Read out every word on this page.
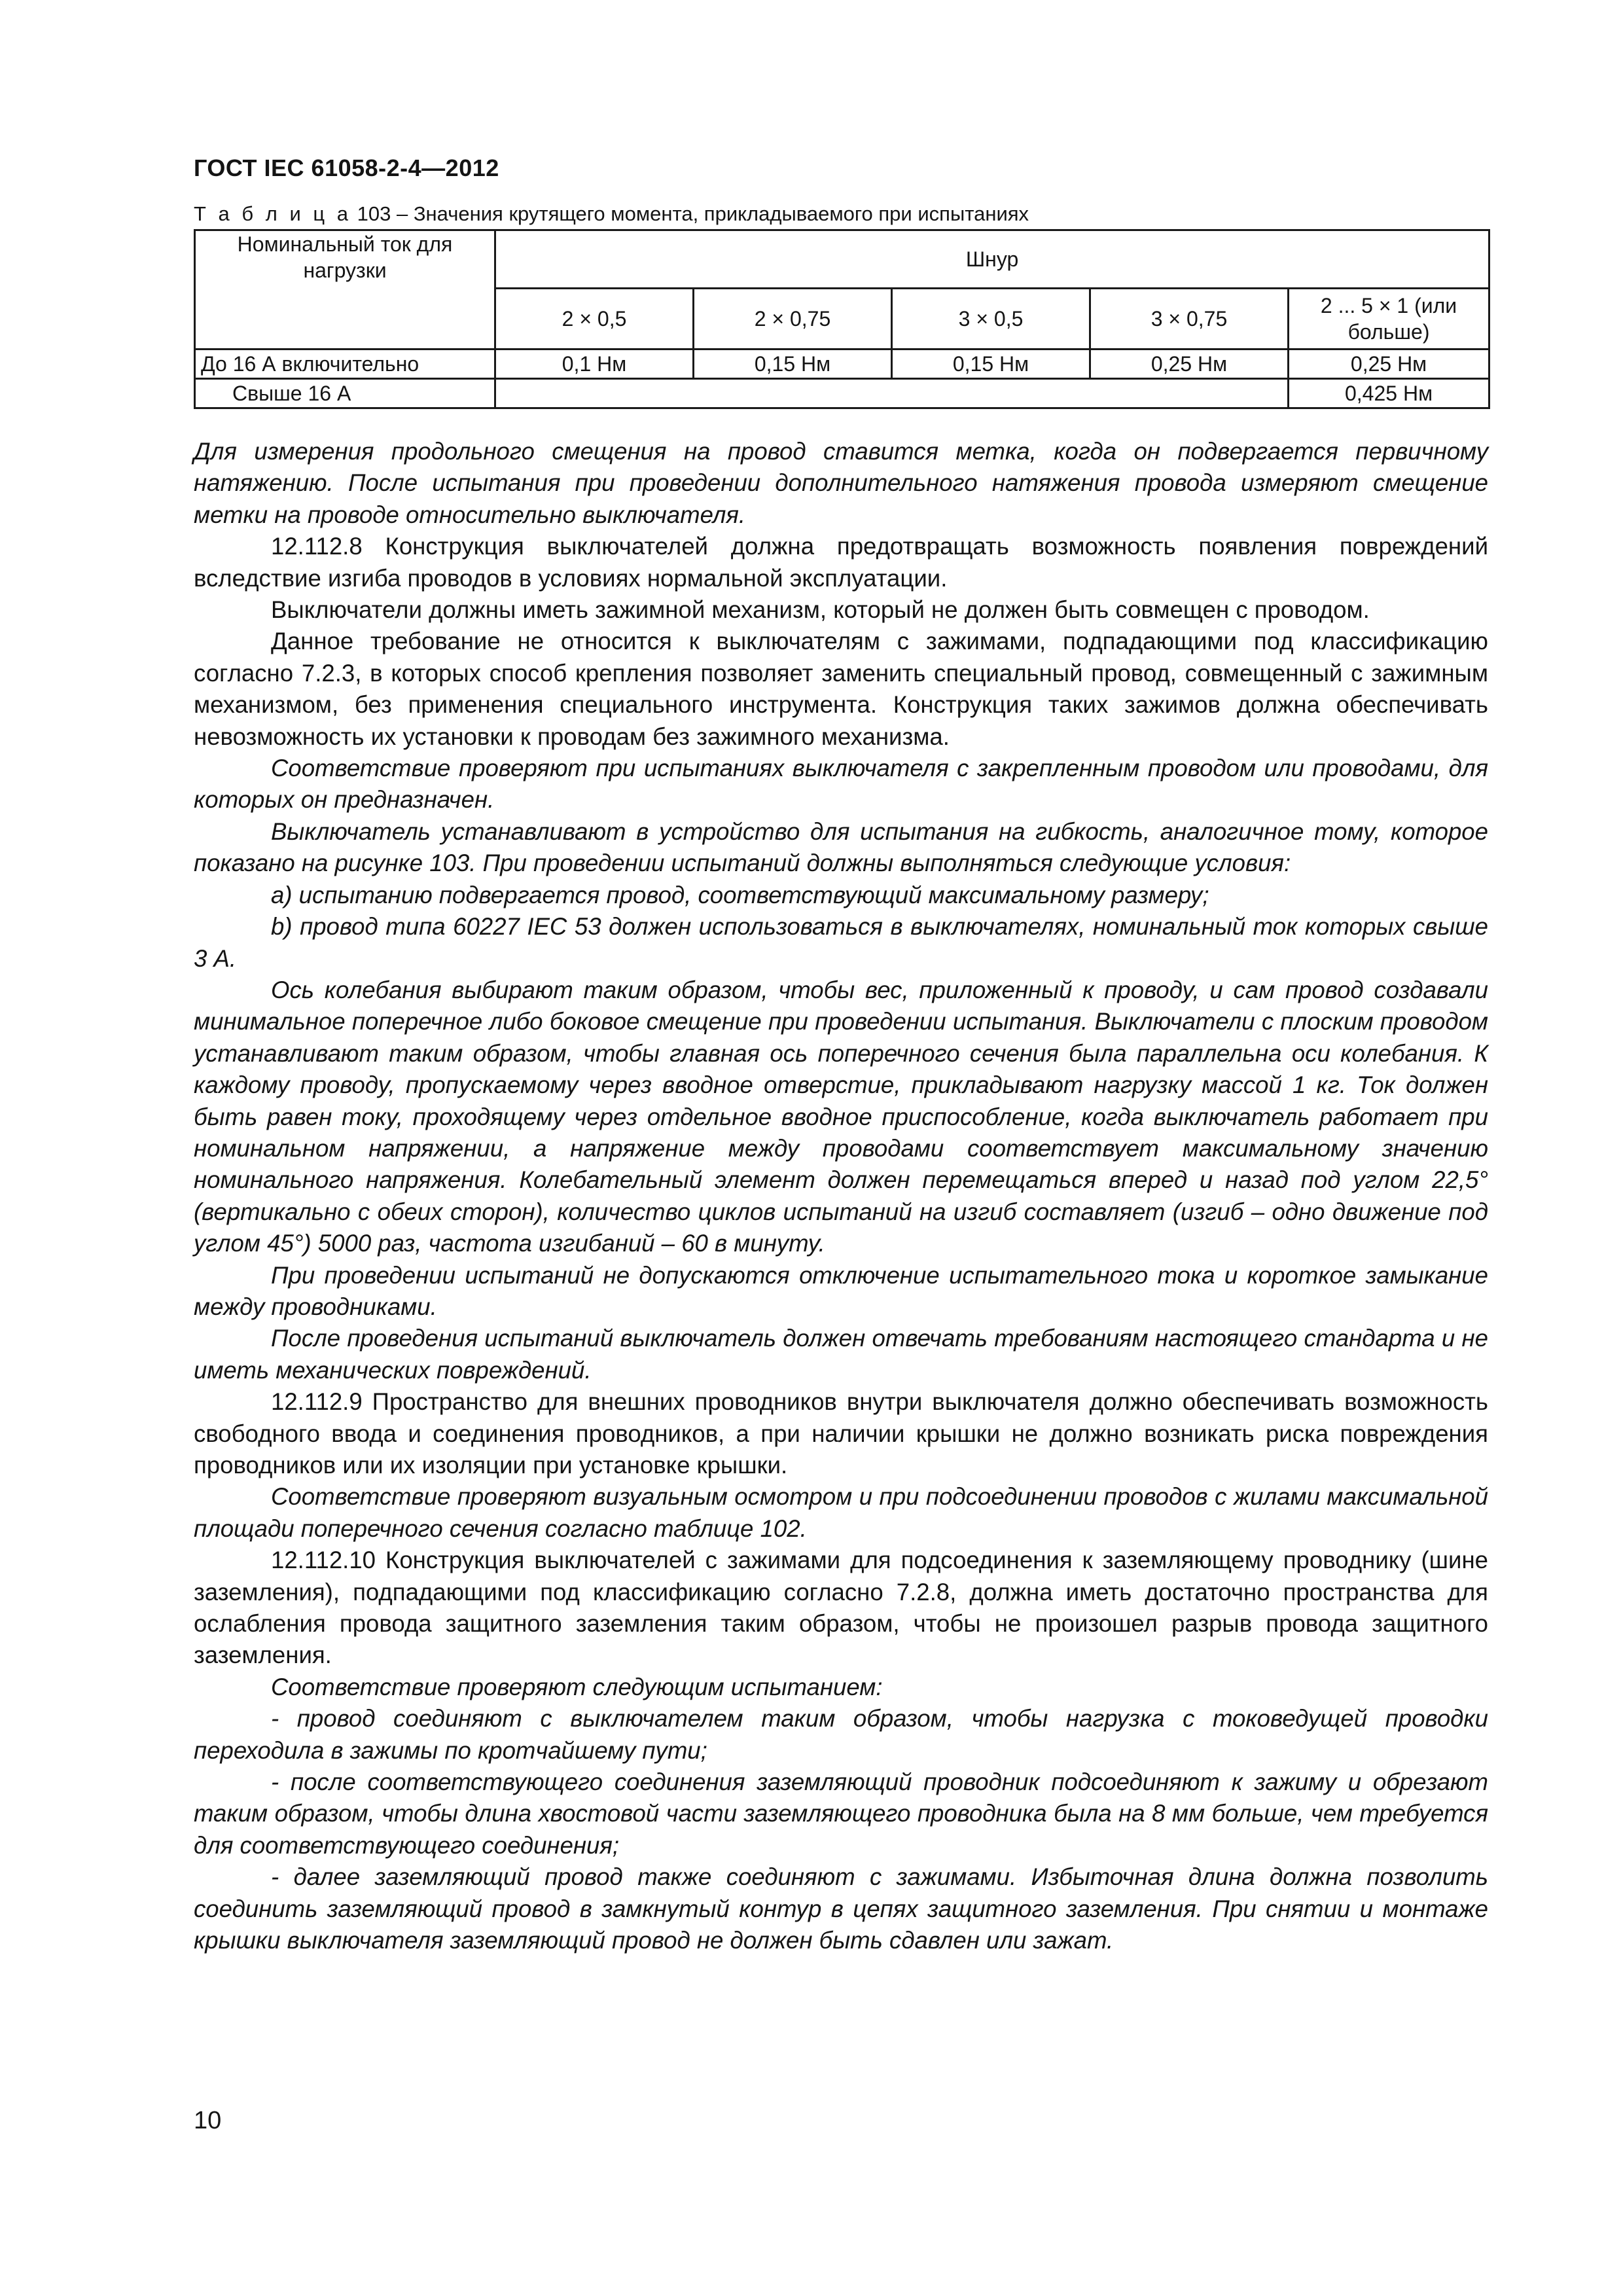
ГОСТ IEC 61058-2-4—2012
Т а б л и ц а 103 – Значения крутящего момента, прикладываемого при испытаниях
Номинальный ток для нагрузки	Шнур				
	2 × 0,5	2 × 0,75	3 × 0,5	3 × 0,75	2 ... 5 × 1 (или больше)
До 16 А включительно	0,1 Нм	0,15 Нм	0,15 Нм	0,25 Нм	0,25 Нм
Свыше 16 А					0,425 Нм

Для измерения продольного смещения на провод ставится метка, когда он подвергается первичному натяжению. После испытания при проведении дополнительного натяжения провода измеряют смещение метки на проводе относительно выключателя.

12.112.8 Конструкция выключателей должна предотвращать возможность появления повреждений вследствие изгиба проводов в условиях нормальной эксплуатации.

Выключатели должны иметь зажимной механизм, который не должен быть совмещен с проводом.

Данное требование не относится к выключателям с зажимами, подпадающими под классификацию согласно 7.2.3, в которых способ крепления позволяет заменить специальный провод, совмещенный с зажимным механизмом, без применения специального инструмента. Конструкция таких зажимов должна обеспечивать невозможность их установки к проводам без зажимного механизма.

Соответствие проверяют при испытаниях выключателя с закрепленным проводом или проводами, для которых он предназначен.

Выключатель устанавливают в устройство для испытания на гибкость, аналогичное тому, которое показано на рисунке 103. При проведении испытаний должны выполняться следующие условия:

a) испытанию подвергается провод, соответствующий максимальному размеру;

b) провод типа 60227 IEC 53 должен использоваться в выключателях, номинальный ток которых свыше 3 А.

Ось колебания выбирают таким образом, чтобы вес, приложенный к проводу, и сам провод создавали минимальное поперечное либо боковое смещение при проведении испытания. Выключатели с плоским проводом устанавливают таким образом, чтобы главная ось поперечного сечения была параллельна оси колебания. К каждому проводу, пропускаемому через вводное отверстие, прикладывают нагрузку массой 1 кг. Ток должен быть равен току, проходящему через отдельное вводное приспособление, когда выключатель работает при номинальном напряжении, а напряжение между проводами соответствует максимальному значению номинального напряжения. Колебательный элемент должен перемещаться вперед и назад под углом 22,5° (вертикально с обеих сторон), количество циклов испытаний на изгиб составляет (изгиб – одно движение под углом 45°) 5000 раз, частота изгибаний – 60 в минуту.

При проведении испытаний не допускаются отключение испытательного тока и короткое замыкание между проводниками.

После проведения испытаний выключатель должен отвечать требованиям настоящего стандарта и не иметь механических повреждений.

12.112.9 Пространство для внешних проводников внутри выключателя должно обеспечивать возможность свободного ввода и соединения проводников, а при наличии крышки не должно возникать риска повреждения проводников или их изоляции при установке крышки.

Соответствие проверяют визуальным осмотром и при подсоединении проводов с жилами максимальной площади поперечного сечения согласно таблице 102.

12.112.10 Конструкция выключателей с зажимами для подсоединения к заземляющему проводнику (шине заземления), подпадающими под классификацию согласно 7.2.8, должна иметь достаточно пространства для ослабления провода защитного заземления таким образом, чтобы не произошел разрыв провода защитного заземления.

Соответствие проверяют следующим испытанием:

- провод соединяют с выключателем таким образом, чтобы нагрузка с токоведущей проводки переходила в зажимы по кротчайшему пути;

- после соответствующего соединения заземляющий проводник подсоединяют к зажиму и обрезают таким образом, чтобы длина хвостовой части заземляющего проводника была на 8 мм больше, чем требуется для соответствующего соединения;

- далее заземляющий провод также соединяют с зажимами. Избыточная длина должна позволить соединить заземляющий провод в замкнутый контур в цепях защитного заземления. При снятии и монтаже крышки выключателя заземляющий провод не должен быть сдавлен или зажат.

10
